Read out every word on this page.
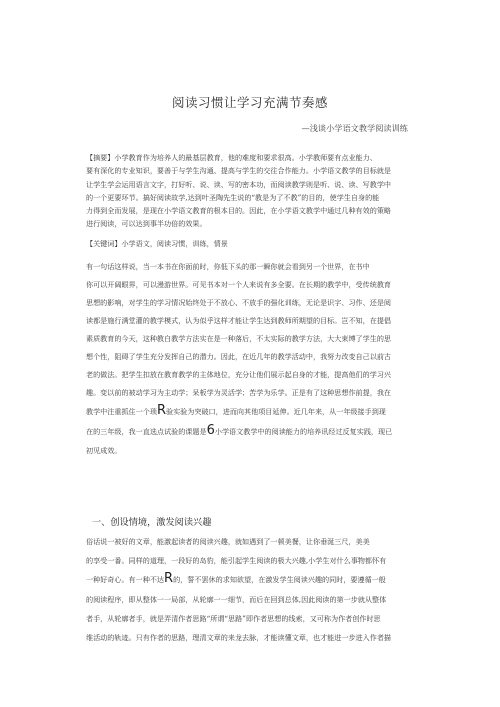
阅读习惯让学习充满节奏感
—浅谈小学语文教学阅读训练
【摘要】小学教育作为培养人的最基层教育，他的难度和要求很高。小学教师要有点业能力、
要有深化的专业知识，要善于与学生沟通、提高与学生的交往合作能力。小学语文教学的目标就是
让学生学会运用语言文字，打好听、说、读、写的密本功，而阅读教学则是听、说、读、写教学中
的一个更要环节。搞好阅读故学,达到叶圣陶先生说的“教是为了不教”的目的，使学生自身的能
力得到全而发展，是现在小学语文教育的根本目的。因此，在小学语文教学中通过几种有效的策略
进行阅读，可以达到事半功倍的效果。
【关键词】小学语文，阅读习惯，训练，情景
有一句话这样说，当一本书在你面前时，你低下头的那一瞬你就会看到另一个世界，在书中
你可以开阔眼界，可以漫游世界。可见书本对一个人来说有多全要。在长期的教学中，受传统教育
思想的影响，对学生的学习情况始终处于不放心、不放手的强化训练，无论是识字、习作、还是阅
读都是施行满堂灌的教学模式，认为似乎这样才能让学生达到教师所期望的目标。岂不知，在提倡
素质教育的今天，这种教白教学方法实在是一种落后，不太实际的教学方法，大大束缚了学生的思
想个性，阻碍了学生充分发挥自己的潜力。因此，在近几年的教学活动中，我努力改变自己以前古
老的做法。把学生扣放在教育教学的主体地位，充分让他们展示起自身的才能，提高他们的学习兴
趣。变以前的被动学习为主动学；呆板学为灵活学；苦学为乐学。正是有了这种思想作前提，我在
教学中注重抓住一个琐R验实验为突破口，进而向其他项目延伸。近几年来，从一年级接手到现
在的三年级，我一直选点试验的课题是6小学语文教学中的阅读能力的培养讯经过反复实践，现已
初见成效。
一、创设情境，激发阅读兴趣
俗话说一被好的文章，能激起读者的阅读兴趣，就如遇到了一顿美餐，让你垂涎三尺，美美
的享受一番。同样的道理，一段好的岛豹，能引起学生阅读的极大兴趣,小学生对什么事物都怀有
一种好奇心。有一种不达R的，誓不罢休的求知欲望，在激发学生阅读兴趣的同时，要遵循一般
的阅读程序，即从整体一一局部，从轮廓一一细节，而后在回到总体,因此阅读的第一步就从整体
者手，从轮廓者手，就是弄清作者思路“所谓“思路”即作者思想的线索，又可称为作者创作时思
维活动的轨迹。只有作者的思路，理清文章的来龙去脉，才能读懂文章，也才能进一步进入作者描
